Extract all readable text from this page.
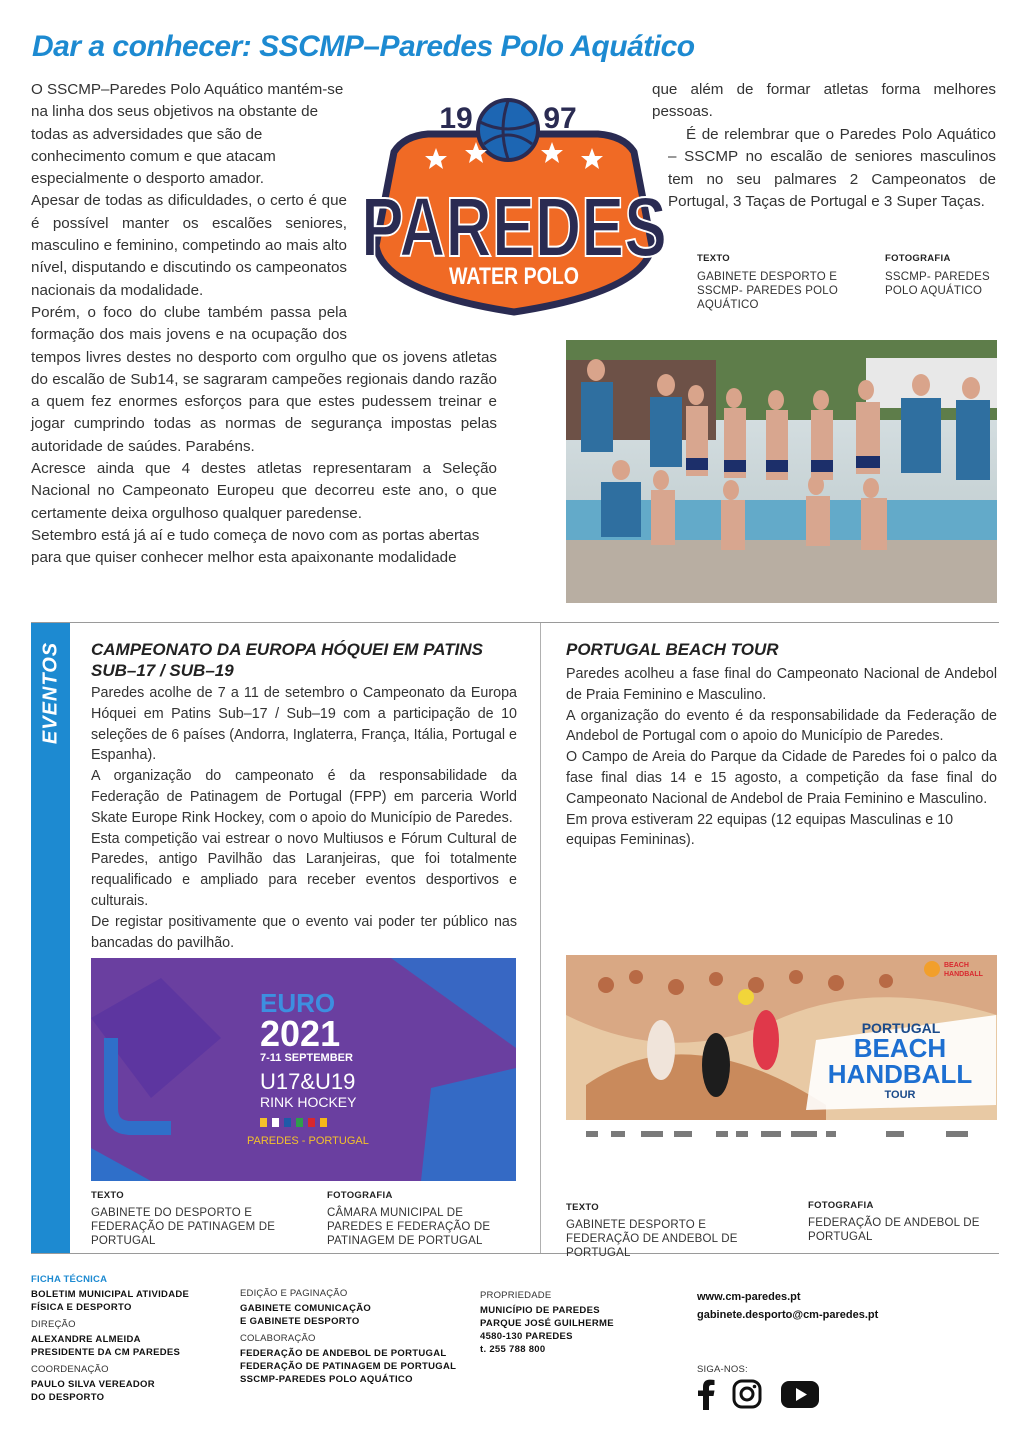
Dar a conhecer: SSCMP–Paredes Polo Aquático

O SSCMP–Paredes Polo Aquático mantém-se na linha dos seus objetivos na obstante de todas as adversidades que são de conhecimento comum e que atacam especialmente o desporto amador.

Apesar de todas as dificuldades, o certo é que é possível manter os escalões seniores, masculino e feminino, competindo ao mais alto nível, disputando e discutindo os campeonatos nacionais da modalidade.

Porém, o foco do clube também passa pela formação dos mais jovens e na ocupação dos tempos livres destes no desporto com orgulho que os jovens atletas do escalão de Sub14, se sagraram campeões regionais dando razão a quem fez enormes esforços para que estes pudessem treinar e jogar cumprindo todas as normas de segurança impostas pelas autoridade de saúdes. Parabéns.

Acresce ainda que 4 destes atletas representaram a Seleção Nacional no Campeonato Europeu que decorreu este ano, o que certamente deixa orgulhoso qualquer paredense.

Setembro está já aí e tudo começa de novo com as portas abertas para que quiser conhecer melhor esta apaixonante modalidade

19 97
PAREDES
WATER POLO

que além de formar atletas forma melhores pessoas.

É de relembrar que o Paredes Polo Aquático – SSCMP no escalão de seniores masculinos tem no seu palmares 2 Campeonatos de Portugal, 3 Taças de Portugal e 3 Super Taças.

TEXTO
GABINETE DESPORTO E SSCMP- PAREDES POLO AQUÁTICO
FOTOGRAFIA
SSCMP- PAREDES POLO AQUÁTICO
EVENTOS CAMPEONATO DA EUROPA HÓQUEI EM PATINS SUB–17 / SUB–19

Paredes acolhe de 7 a 11 de setembro o Campeonato da Europa Hóquei em Patins Sub–17 / Sub–19 com a participação de 10 seleções de 6 países (Andorra, Inglaterra, França, Itália, Portugal e Espanha).

A organização do campeonato é da responsabilidade da Federação de Patinagem de Portugal (FPP) em parceria World Skate Europe Rink Hockey, com o apoio do Município de Paredes.

Esta competição vai estrear o novo Multiusos e Fórum Cultural de Paredes, antigo Pavilhão das Laranjeiras, que foi totalmente requalificado e ampliado para receber eventos desportivos e culturais.

De registar positivamente que o evento vai poder ter público nas bancadas do pavilhão.

EURO
2021
7-11 SEPTEMBER
U17&U19
RINK HOCKEY
PAREDES - PORTUGAL
TEXTO
GABINETE DO DESPORTO E FEDERAÇÃO DE PATINAGEM DE PORTUGAL
FOTOGRAFIA
CÂMARA MUNICIPAL DE PAREDES E FEDERAÇÃO DE PATINAGEM DE PORTUGAL
PORTUGAL BEACH TOUR

Paredes acolheu a fase final do Campeonato Nacional de Andebol de Praia Feminino e Masculino.

A organização do evento é da responsabilidade da Federação de Andebol de Portugal com o apoio do Município de Paredes.

O Campo de Areia do Parque da Cidade de Paredes foi o palco da fase final dias 14 e 15 agosto, a competição da fase final do Campeonato Nacional de Andebol de Praia Feminino e Masculino.

Em prova estiveram 22 equipas (12 equipas Masculinas e 10 equipas Femininas).

PORTUGAL
BEACH
HANDBALL
TOUR
BEACH
HANDBALL
TEXTO
GABINETE DESPORTO E FEDERAÇÃO DE ANDEBOL DE PORTUGAL
FOTOGRAFIA
FEDERAÇÃO DE ANDEBOL DE PORTUGAL
FICHA TÉCNICA
BOLETIM MUNICIPAL ATIVIDADE FÍSICA E DESPORTO
DIREÇÃO
ALEXANDRE ALMEIDA PRESIDENTE DA CM PAREDES
COORDENAÇÃO
PAULO SILVA VEREADOR DO DESPORTO
EDIÇÃO E PAGINAÇÃO
GABINETE COMUNICAÇÃO E GABINETE DESPORTO
COLABORAÇÃO
FEDERAÇÃO DE ANDEBOL DE PORTUGAL
FEDERAÇÃO DE PATINAGEM DE PORTUGAL
SSCMP-PAREDES POLO AQUÁTICO
PROPRIEDADE
MUNICÍPIO DE PAREDES
PARQUE JOSÉ GUILHERME
4580-130 PAREDES
t. 255 788 800
www.cm-paredes.pt
gabinete.desporto@cm-paredes.pt
SIGA-NOS:
